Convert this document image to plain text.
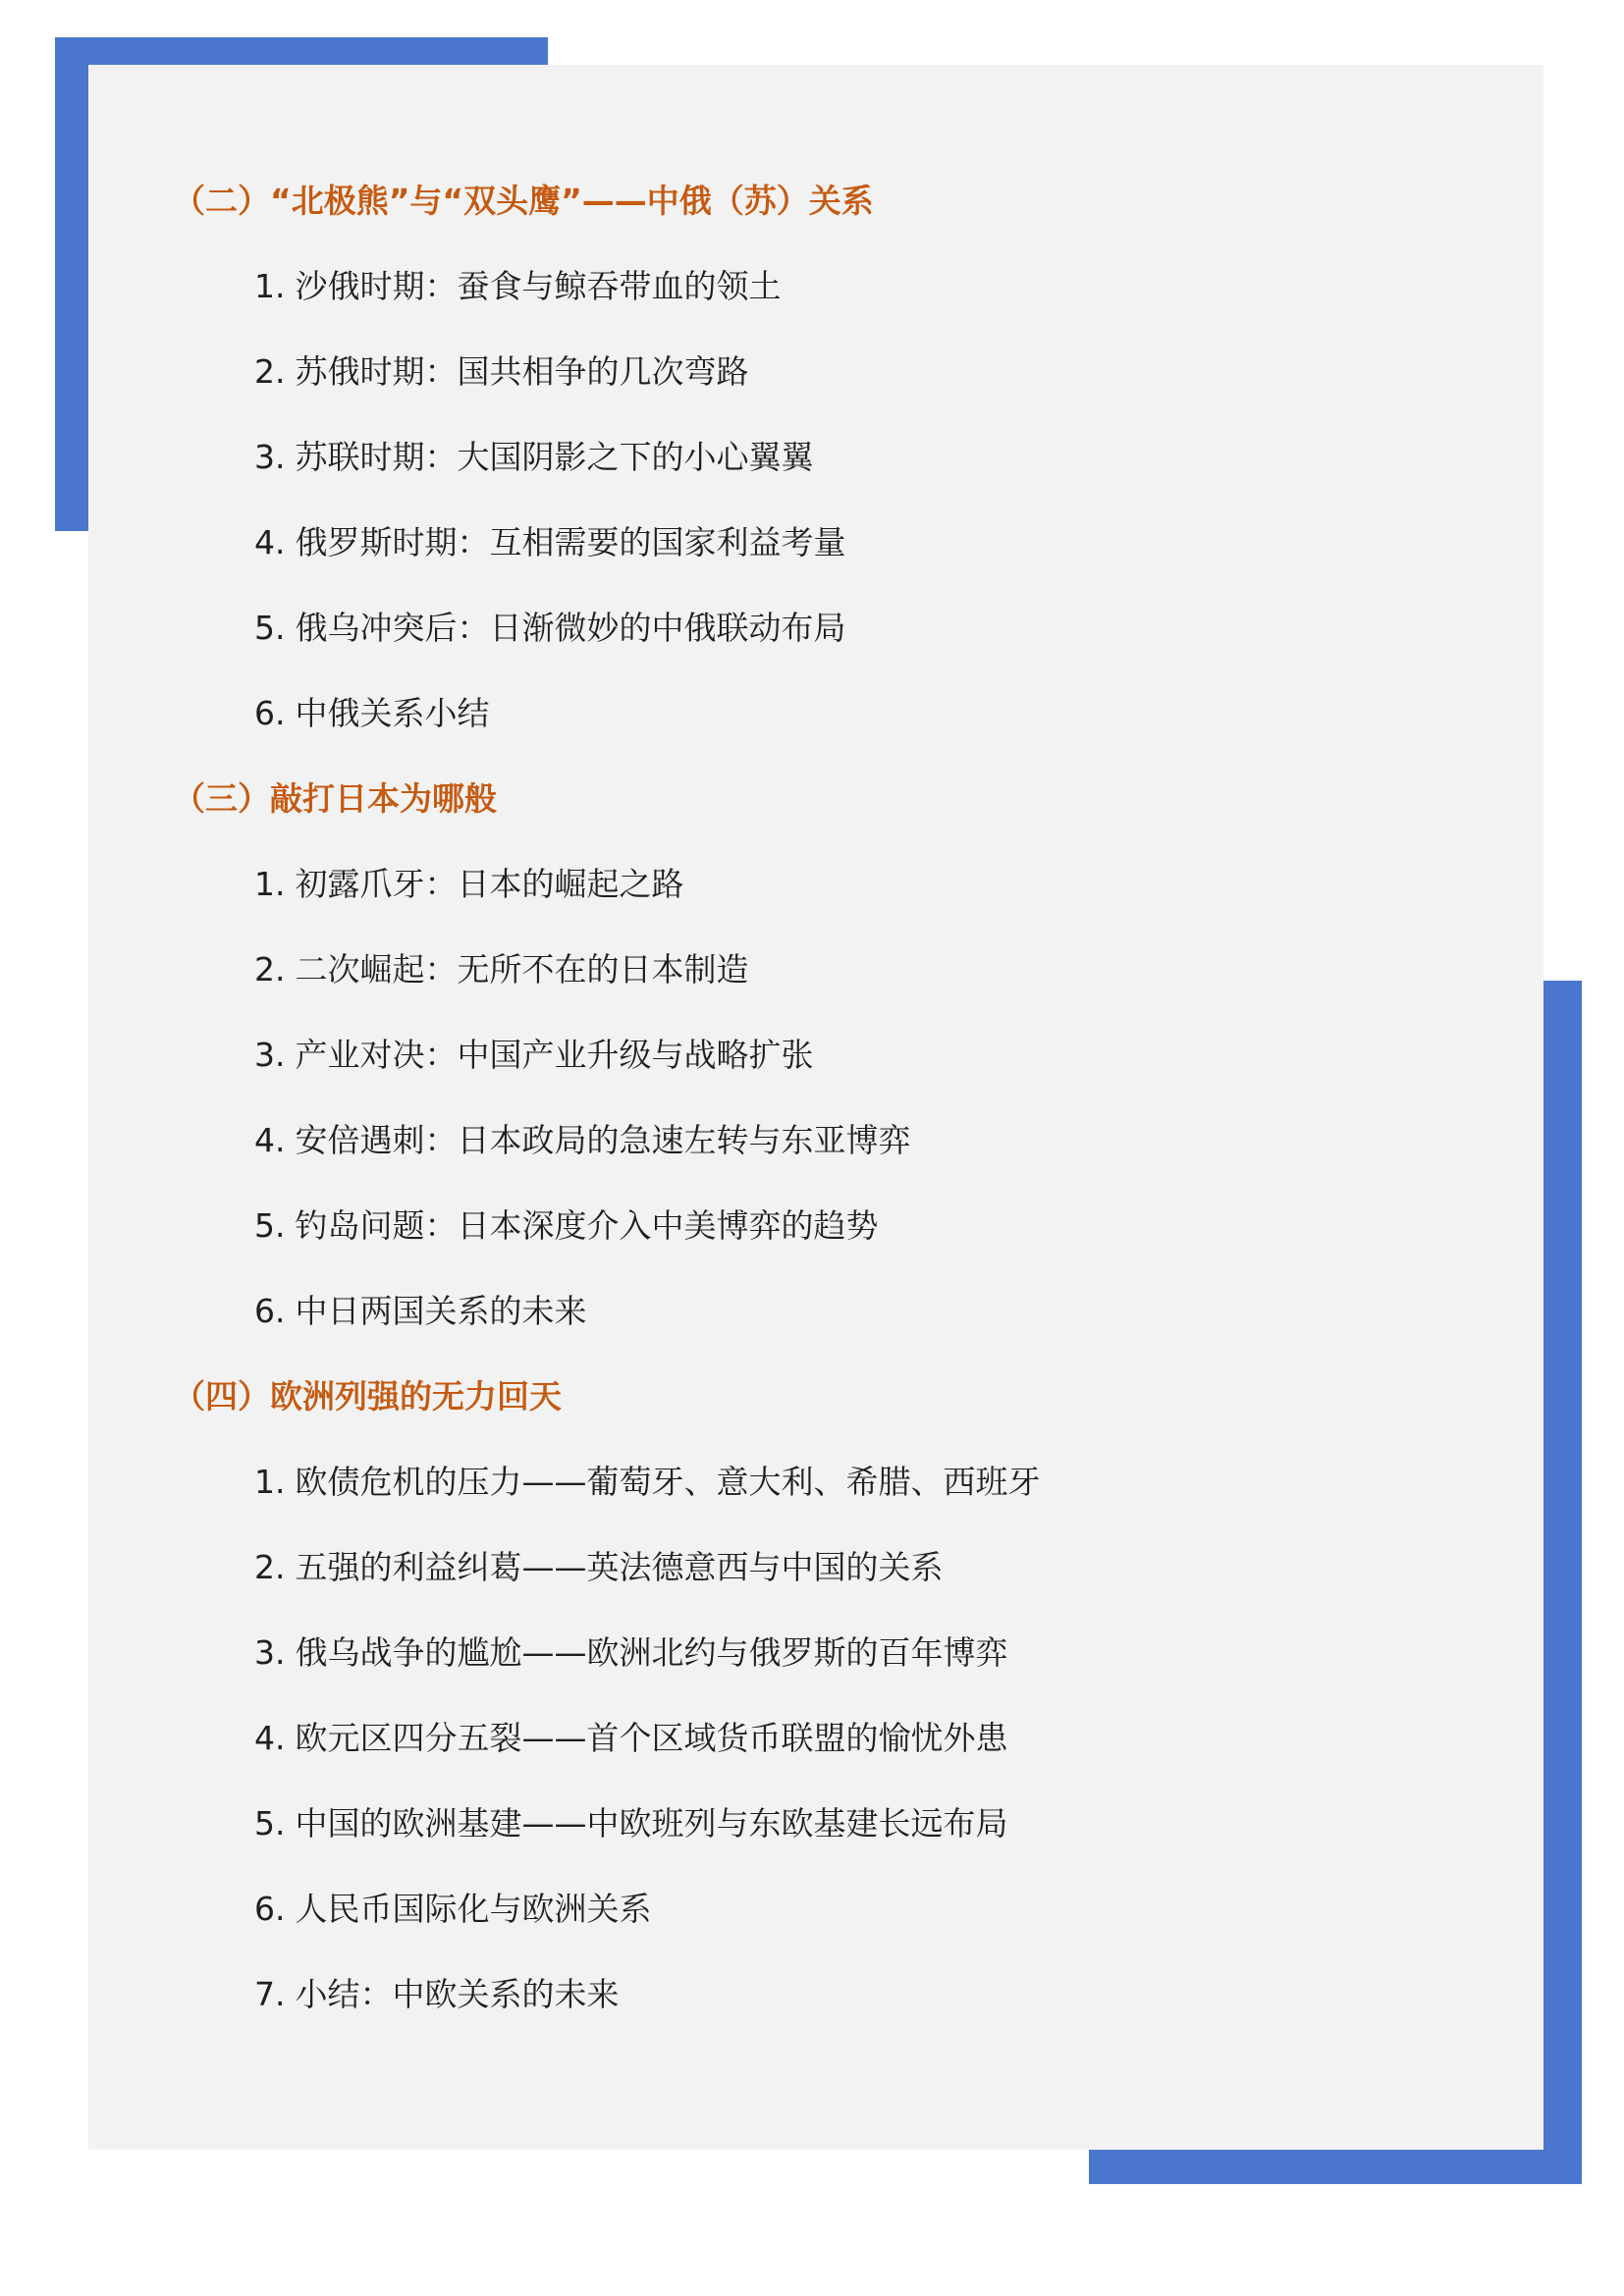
（二）“北极熊”与“双头鹰”——中俄（苏）关系
1. 沙俄时期：蚕食与鲸吞带血的领土
2. 苏俄时期：国共相争的几次弯路
3. 苏联时期：大国阴影之下的小心翼翼
4. 俄罗斯时期：互相需要的国家利益考量
5. 俄乌冲突后：日渐微妙的中俄联动布局
6. 中俄关系小结
（三）敲打日本为哪般
1. 初露爪牙：日本的崛起之路
2. 二次崛起：无所不在的日本制造
3. 产业对决：中国产业升级与战略扩张
4. 安倍遇刺：日本政局的急速左转与东亚博弈
5. 钓岛问题：日本深度介入中美博弈的趋势
6. 中日两国关系的未来
（四）欧洲列强的无力回天
1. 欧债危机的压力——葡萄牙、意大利、希腊、西班牙
2. 五强的利益纠葛——英法德意西与中国的关系
3. 俄乌战争的尴尬——欧洲北约与俄罗斯的百年博弈
4. 欧元区四分五裂——首个区域货币联盟的愉忧外患
5. 中国的欧洲基建——中欧班列与东欧基建长远布局
6. 人民币国际化与欧洲关系
7. 小结：中欧关系的未来
